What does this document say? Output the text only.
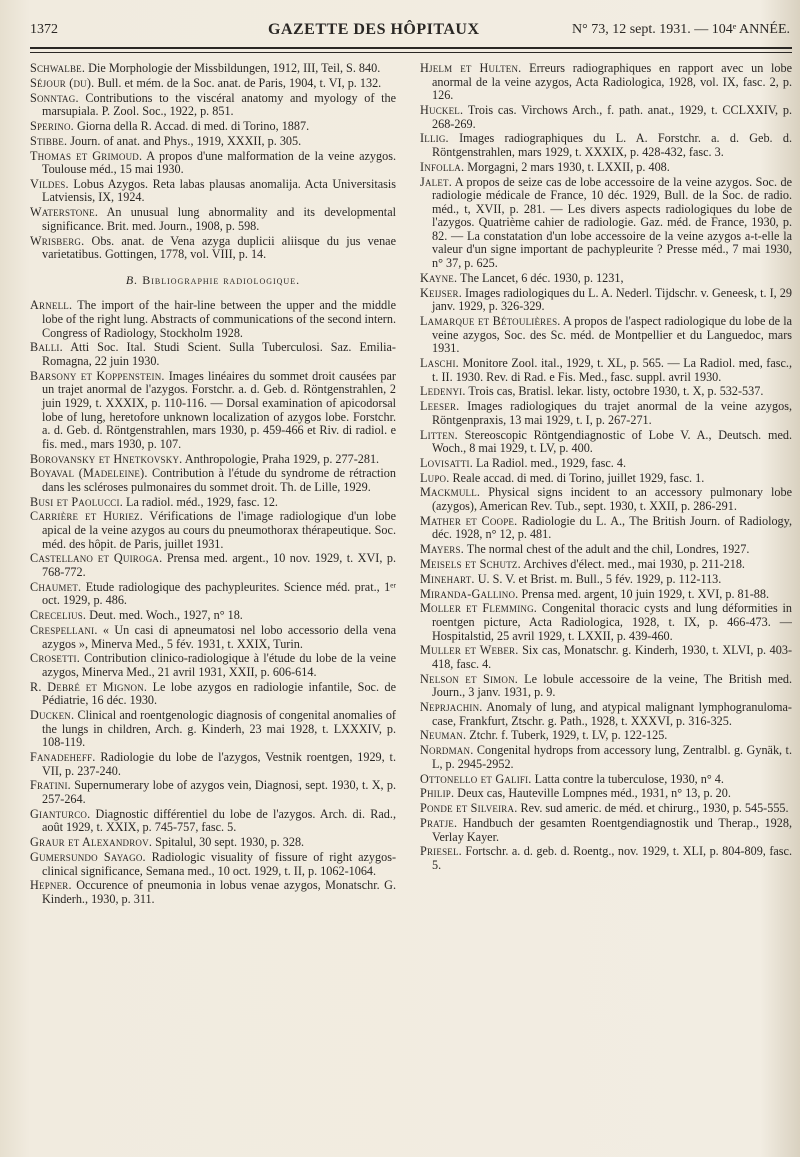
1372	GAZETTE DES HÔPITAUX	N° 73, 12 sept. 1931. — 104ᵉ ANNÉE.

Schwalbe. Die Morphologie der Missbildungen, 1912, III, Teil, S. 840.

Séjour (du). Bull. et mém. de la Soc. anat. de Paris, 1904, t. VI, p. 132.

Sonntag. Contributions to the viscéral anatomy and myology of the marsupiala. P. Zool. Soc., 1922, p. 851.

Sperino. Giorna della R. Accad. di med. di Torino, 1887.

Stibbe. Journ. of anat. and Phys., 1919, XXXII, p. 305.

Thomas et Grimoud. A propos d'une malformation de la veine azygos. Toulouse méd., 15 mai 1930.

Vildes. Lobus Azygos. Reta labas plausas anomalija. Acta Universitasis Latviensis, IX, 1924.

Waterstone. An unusual lung abnormality and its developmental significance. Brit. med. Journ., 1908, p. 598.

Wrisberg. Obs. anat. de Vena azyga duplicii aliisque du jus venae varietatibus. Gottingen, 1778, vol. VIII, p. 14.

B. Bibliographie radiologique.

Arnell. The import of the hair-line between the upper and the middle lobe of the right lung. Abstracts of communications of the second intern. Congress of Radiology, Stockholm 1928.

Balli. Atti Soc. Ital. Studi Scient. Sulla Tuberculosi. Saz. Emilia-Romagna, 22 juin 1930.

Barsony et Koppenstein. Images linéaires du sommet droit causées par un trajet anormal de l'azygos. Forstchr. a. d. Geb. d. Röntgenstrahlen, 2 juin 1929, t. XXXIX, p. 110-116. — Dorsal examination of apicodorsal lobe of lung, heretofore unknown localization of azygos lobe. Forstchr. a. d. Geb. d. Röntgenstrahlen, mars 1930, p. 459-466 et Riv. di radiol. e fis. med., mars 1930, p. 107.

Borovansky et Hnetkovsky. Anthropologie, Praha 1929, p. 277-281.

Boyaval (Madeleine). Contribution à l'étude du syndrome de rétraction dans les scléroses pulmonaires du sommet droit. Th. de Lille, 1929.

Busi et Paolucci. La radiol. méd., 1929, fasc. 12.

Carrière et Huriez. Vérifications de l'image radiologique d'un lobe apical de la veine azygos au cours du pneumothorax thérapeutique. Soc. méd. des hôpit. de Paris, juillet 1931.

Castellano et Quiroga. Prensa med. argent., 10 nov. 1929, t. XVI, p. 768-772.

Chaumet. Etude radiologique des pachypleurites. Science méd. prat., 1ᵉʳ oct. 1929, p. 486.

Crecelius. Deut. med. Woch., 1927, n° 18.

Crespellani. « Un casi di apneumatosi nel lobo accessorio della vena azygos », Minerva Med., 5 fév. 1931, t. XXIX, Turin.

Crosetti. Contribution clinico-radiologique à l'étude du lobe de la veine azygos, Minerva Med., 21 avril 1931, XXII, p. 606-614.

R. Debré et Mignon. Le lobe azygos en radiologie infantile, Soc. de Pédiatrie, 16 déc. 1930.

Ducken. Clinical and roentgenologic diagnosis of congenital anomalies of the lungs in children, Arch. g. Kinderh, 23 mai 1928, t. LXXXIV, p. 108-119.

Fanadeheff. Radiologie du lobe de l'azygos, Vestnik roentgen, 1929, t. VII, p. 237-240.

Fratini. Supernumerary lobe of azygos vein, Diagnosi, sept. 1930, t. X, p. 257-264.

Gianturco. Diagnostic différentiel du lobe de l'azygos. Arch. di. Rad., août 1929, t. XXIX, p. 745-757, fasc. 5.

Graur et Alexandrov. Spitalul, 30 sept. 1930, p. 328.

Gumersundo Sayago. Radiologic visuality of fissure of right azygos-clinical significance, Semana med., 10 oct. 1929, t. II, p. 1062-1064.

Hepner. Occurence of pneumonia in lobus venae azygos, Monatschr. G. Kinderh., 1930, p. 311.

Hjelm et Hulten. Erreurs radiographiques en rapport avec un lobe anormal de la veine azygos, Acta Radiologica, 1928, vol. IX, fasc. 2, p. 126.

Huckel. Trois cas. Virchows Arch., f. path. anat., 1929, t. CCLXXIV, p. 268-269.

Illig. Images radiographiques du L. A. Forstchr. a. d. Geb. d. Röntgenstrahlen, mars 1929, t. XXXIX, p. 428-432, fasc. 3.

Infolla. Morgagni, 2 mars 1930, t. LXXII, p. 408.

Jalet. A propos de seize cas de lobe accessoire de la veine azygos. Soc. de radiologie médicale de France, 10 déc. 1929, Bull. de la Soc. de radio. méd., t, XVII, p. 281. — Les divers aspects radiologiques du lobe de l'azygos. Quatrième cahier de radiologie. Gaz. méd. de France, 1930, p. 82. — La constatation d'un lobe accessoire de la veine azygos a-t-elle la valeur d'un signe important de pachypleurite ? Presse méd., 7 mai 1930, n° 37, p. 625.

Kayne. The Lancet, 6 déc. 1930, p. 1231,

Keijser. Images radiologiques du L. A. Nederl. Tijdschr. v. Geneesk, t. I, 29 janv. 1929, p. 326-329.

Lamarque et Bétoulières. A propos de l'aspect radiologique du lobe de la veine azygos, Soc. des Sc. méd. de Montpellier et du Languedoc, mars 1931.

Laschi. Monitore Zool. ital., 1929, t. XL, p. 565. — La Radiol. med, fasc., t. II. 1930. Rev. di Rad. e Fis. Med., fasc. suppl. avril 1930.

Ledenyi. Trois cas, Bratisl. lekar. listy, octobre 1930, t. X, p. 532-537.

Leeser. Images radiologiques du trajet anormal de la veine azygos, Röntgenpraxis, 13 mai 1929, t. I, p. 267-271.

Litten. Stereoscopic Röntgendiagnostic of Lobe V. A., Deutsch. med. Woch., 8 mai 1929, t. LV, p. 400.

Lovisatti. La Radiol. med., 1929, fasc. 4.

Lupo. Reale accad. di med. di Torino, juillet 1929, fasc. 1.

Mackmull. Physical signs incident to an accessory pulmonary lobe (azygos), American Rev. Tub., sept. 1930, t. XXII, p. 286-291.

Mather et Coope. Radiologie du L. A., The British Journ. of Radiology, déc. 1928, n° 12, p. 481.

Mayers. The normal chest of the adult and the chil, Londres, 1927.

Meisels et Schutz. Archives d'élect. med., mai 1930, p. 211-218.

Minehart. U. S. V. et Brist. m. Bull., 5 fév. 1929, p. 112-113.

Miranda-Gallino. Prensa med. argent, 10 juin 1929, t. XVI, p. 81-88.

Moller et Flemming. Congenital thoracic cysts and lung déformities in roentgen picture, Acta Radiologica, 1928, t. IX, p. 466-473. — Hospitalstid, 25 avril 1929, t. LXXII, p. 439-460.

Muller et Weber. Six cas, Monatschr. g. Kinderh, 1930, t. XLVI, p. 403-418, fasc. 4.

Nelson et Simon. Le lobule accessoire de la veine, The British med. Journ., 3 janv. 1931, p. 9.

Neprjachin. Anomaly of lung, and atypical malignant lymphogranuloma-case, Frankfurt, Ztschr. g. Path., 1928, t. XXXVI, p. 316-325.

Neuman. Ztchr. f. Tuberk, 1929, t. LV, p. 122-125.

Nordman. Congenital hydrops from accessory lung, Zentralbl. g. Gynäk, t. L, p. 2945-2952.

Ottonello et Galifi. Latta contre la tuberculose, 1930, n° 4.

Philip. Deux cas, Hauteville Lompnes méd., 1931, n° 13, p. 20.

Ponde et Silveira. Rev. sud americ. de méd. et chirurg., 1930, p. 545-555.

Pratje. Handbuch der gesamten Roentgendiagnostik und Therap., 1928, Verlay Kayer.

Priesel. Fortschr. a. d. geb. d. Roentg., nov. 1929, t. XLI, p. 804-809, fasc. 5.
